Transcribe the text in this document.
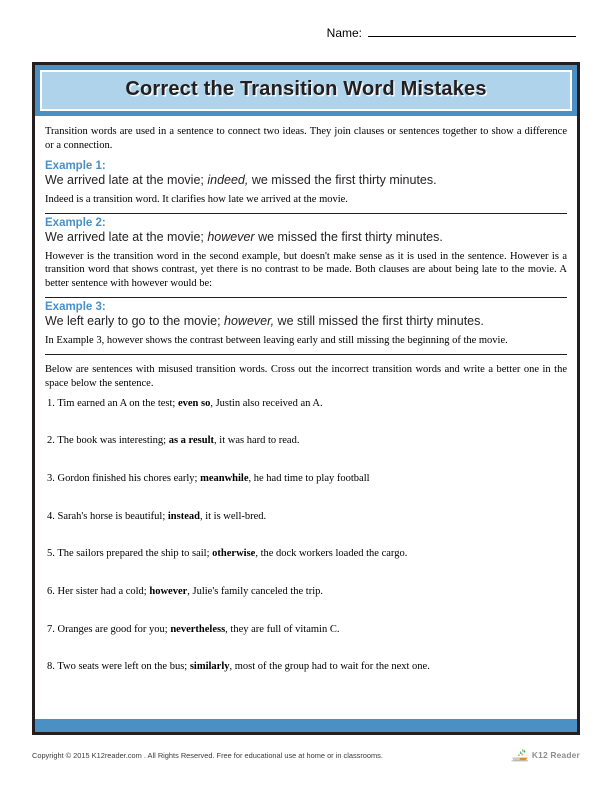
Name:
Correct the Transition Word Mistakes

Transition words are used in a sentence to connect two ideas. They join clauses or sentences together to show a difference or a connection.

Example 1:
We arrived late at the movie; indeed, we missed the first thirty minutes.

Indeed is a transition word. It clarifies how late we arrived at the movie.

Example 2:
We arrived late at the movie; however we missed the first thirty minutes.

However is the transition word in the second example, but doesn't make sense as it is used in the sentence. However is a transition word that shows contrast, yet there is no contrast to be made. Both clauses are about being late to the movie. A better sentence with however would be:

Example 3:
We left early to go to the movie; however, we still missed the first thirty minutes.

In Example 3, however shows the contrast between leaving early and still missing the beginning of the movie.

Below are sentences with misused transition words. Cross out the incorrect transition words and write a better one in the space below the sentence.

1. Tim earned an A on the test; even so, Justin also received an A.
2. The book was interesting; as a result, it was hard to read.
3. Gordon finished his chores early; meanwhile, he had time to play football
4. Sarah's horse is beautiful; instead, it is well-bred.
5. The sailors prepared the ship to sail; otherwise, the dock workers loaded the cargo.
6. Her sister had a cold; however, Julie's family canceled the trip.
7. Oranges are good for you; nevertheless, they are full of vitamin C.
8. Two seats were left on the bus; similarly, most of the group had to wait for the next one.
Copyright © 2015 K12reader.com . All Rights Reserved. Free for educational use at home or in classrooms.	K12 Reader
